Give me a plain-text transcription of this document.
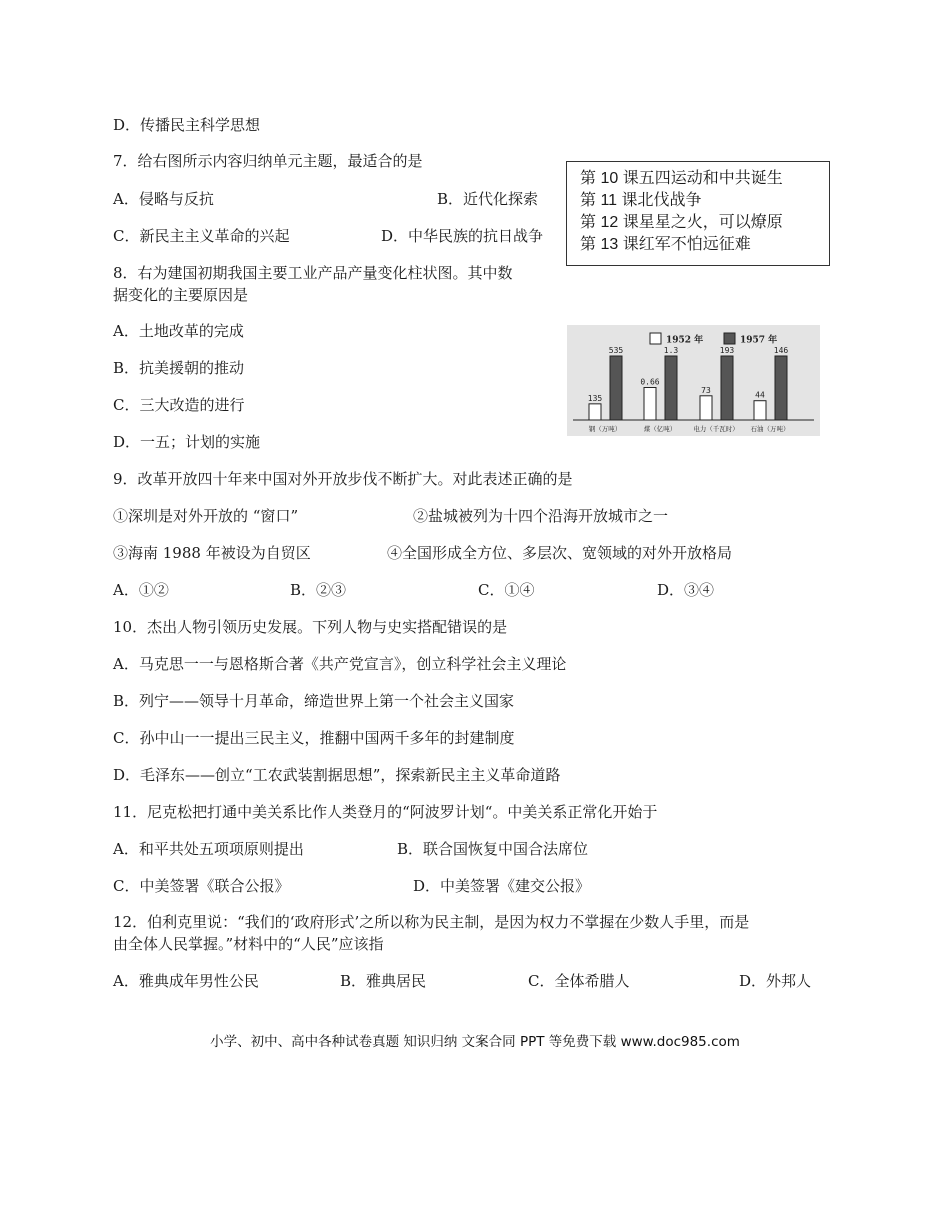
D．传播民主科学思想
7．给右图所示内容归纳单元主题，最适合的是
A．侵略与反抗	B．近代化探索
C．新民主主义革命的兴起	D．中华民族的抗日战争
第 10 课五四运动和中共诞生
第 11 课北伐战争
第 12 课星星之火，可以燎原
第 13 课红军不怕远征难
8．右为建国初期我国主要工业产品产量变化柱状图。其中数
据变化的主要原因是
A．土地改革的完成
B．抗美援朝的推动
C．三大改造的进行
D．一五；计划的实施
1952 年	1957 年
135
535
钢（万吨）
0.66
1.3
煤（亿吨）
73
193
电力（千瓦时）
44
146
石油（万吨）
9．改革开放四十年来中国对外开放步伐不断扩大。对此表述正确的是
①深圳是对外开放的 “窗口”	②盐城被列为十四个沿海开放城市之一
③海南 1988 年被设为自贸区	④全国形成全方位、多层次、宽领域的对外开放格局
A．①②	B．②③	C．①④	D．③④
10．杰出人物引领历史发展。下列人物与史实搭配错误的是
A．马克思一一与恩格斯合著《共产党宣言》，创立科学社会主义理论
B．列宁——领导十月革命，缔造世界上第一个社会主义国家
C．孙中山一一提出三民主义，推翻中国两千多年的封建制度
D．毛泽东——创立“工农武装割据思想”，探索新民主主义革命道路
11．尼克松把打通中美关系比作人类登月的“阿波罗计划“。中美关系正常化开始于
A．和平共处五项项原则提出	B．联合国恢复中国合法席位
C．中美签署《联合公报》	D．中美签署《建交公报》
12．伯利克里说：“我们的‘政府形式’之所以称为民主制，是因为权力不掌握在少数人手里，而是
由全体人民掌握。”材料中的“人民”应该指
A．雅典成年男性公民	B．雅典居民	C．全体希腊人	D．外邦人
小学、初中、高中各种试卷真题 知识归纳 文案合同 PPT 等免费下载 www.doc985.com
